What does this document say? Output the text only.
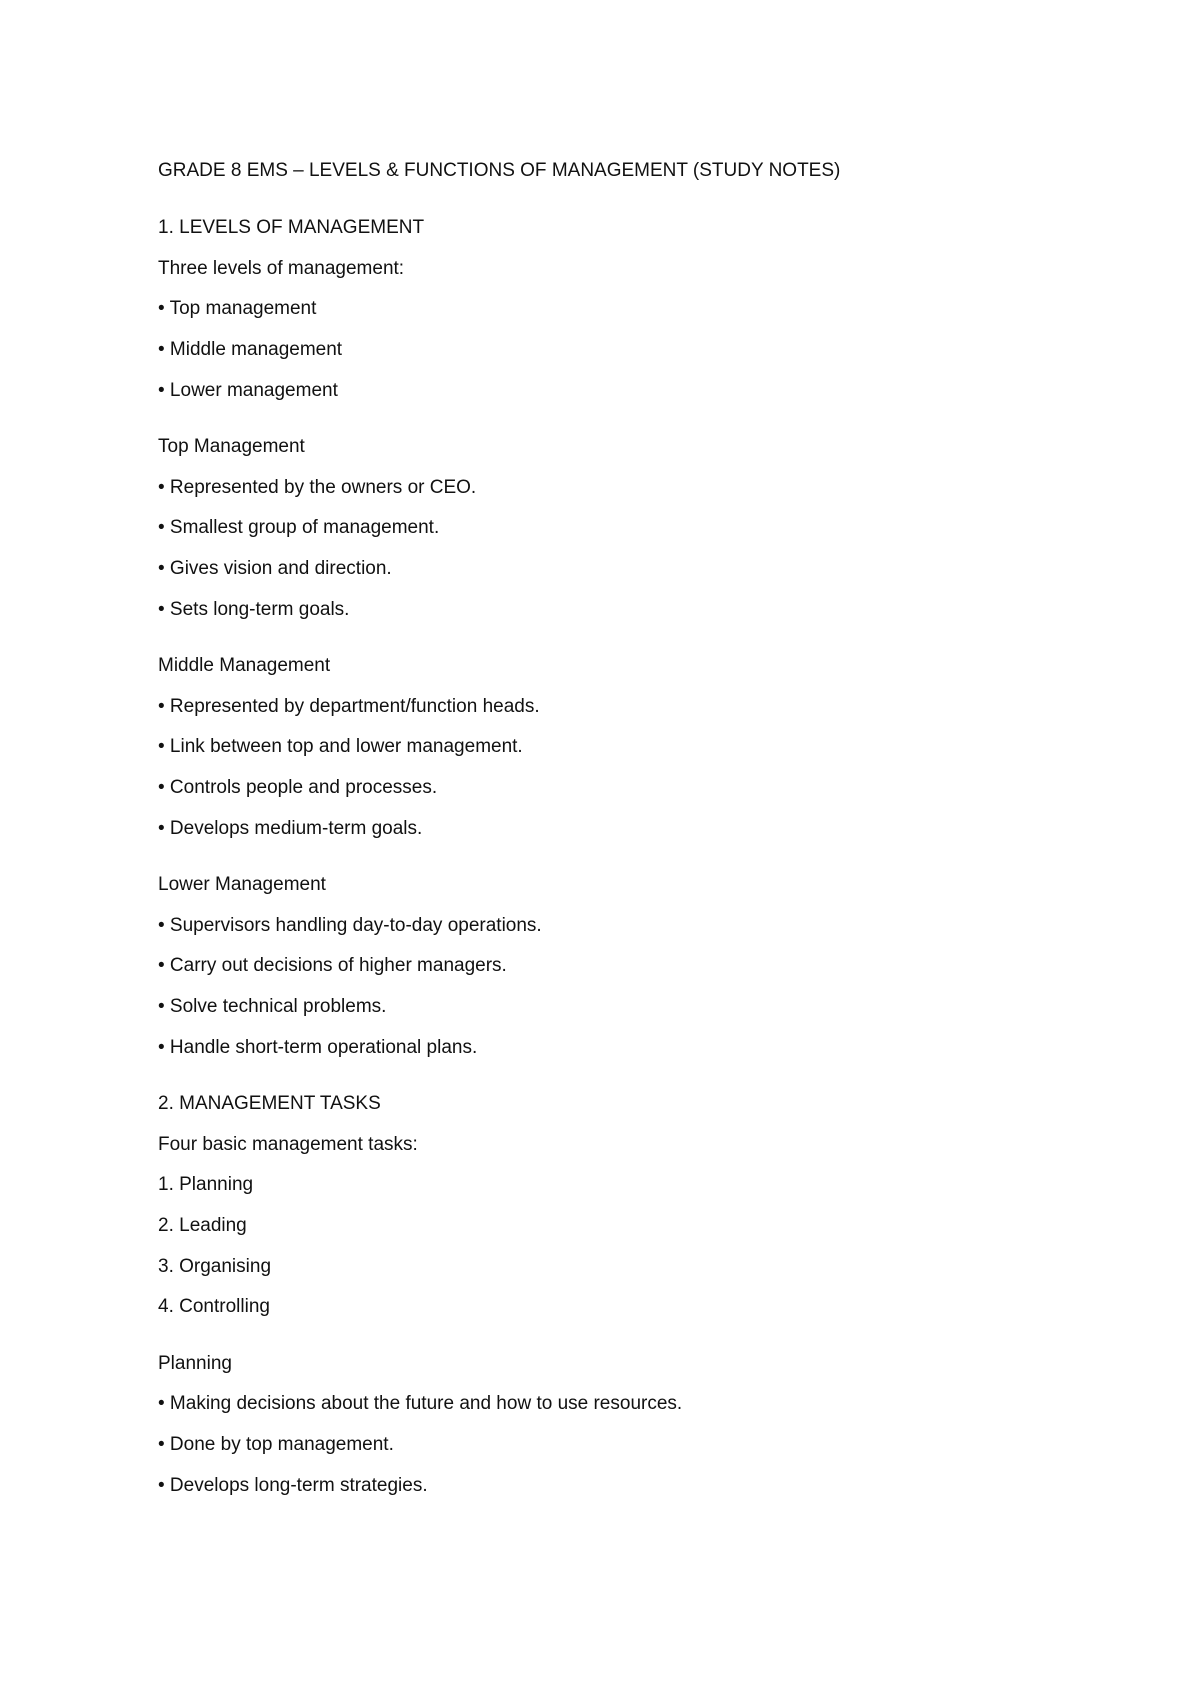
GRADE 8 EMS – LEVELS & FUNCTIONS OF MANAGEMENT (STUDY NOTES)
1. LEVELS OF MANAGEMENT
Three levels of management:
• Top management
• Middle management
• Lower management
Top Management
• Represented by the owners or CEO.
• Smallest group of management.
• Gives vision and direction.
• Sets long-term goals.
Middle Management
• Represented by department/function heads.
• Link between top and lower management.
• Controls people and processes.
• Develops medium-term goals.
Lower Management
• Supervisors handling day-to-day operations.
• Carry out decisions of higher managers.
• Solve technical problems.
• Handle short-term operational plans.
2. MANAGEMENT TASKS
Four basic management tasks:
1. Planning
2. Leading
3. Organising
4. Controlling
Planning
• Making decisions about the future and how to use resources.
• Done by top management.
• Develops long-term strategies.
